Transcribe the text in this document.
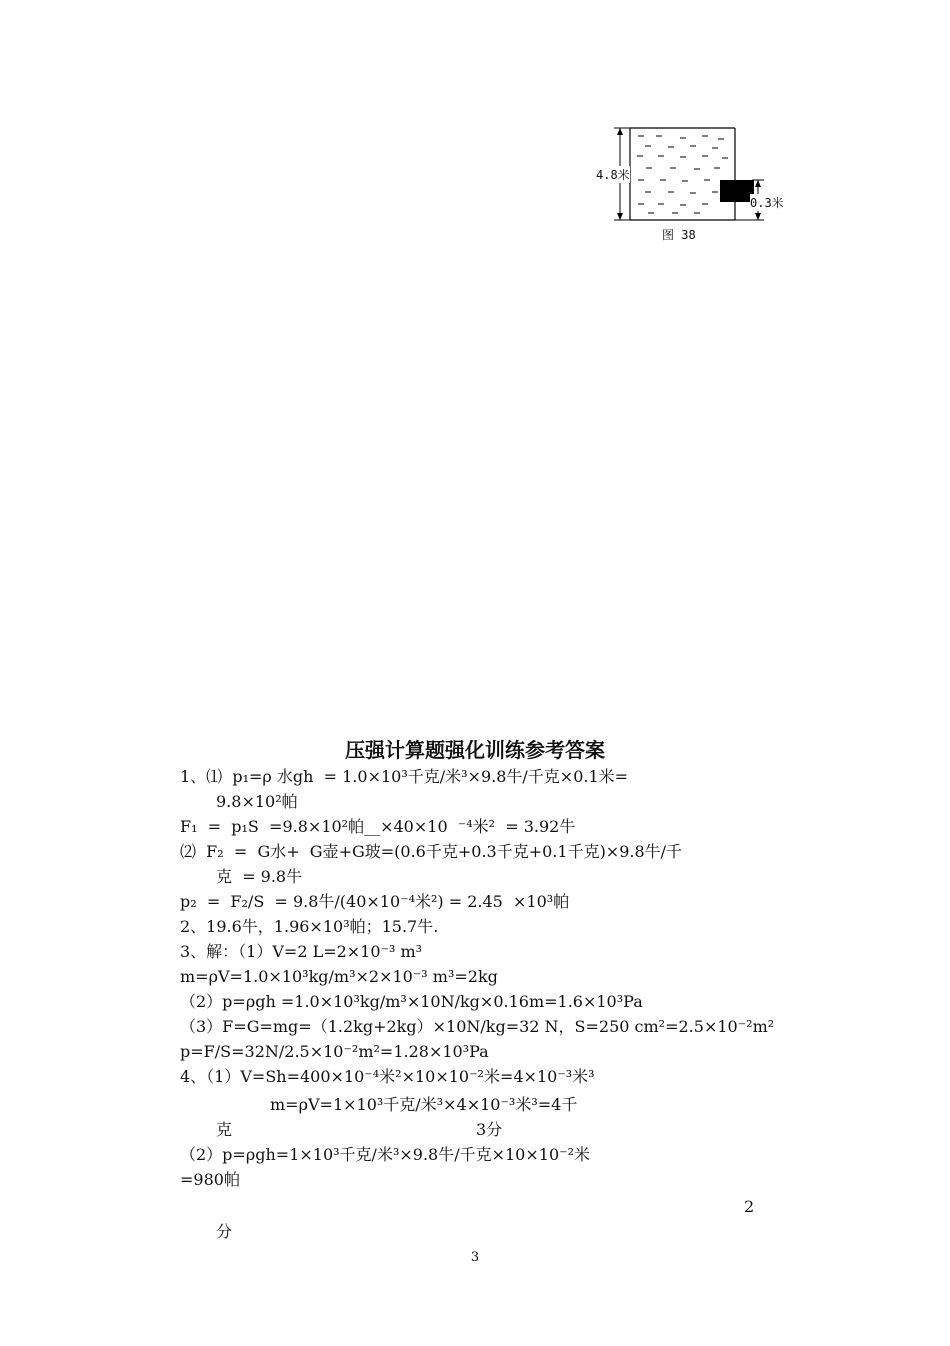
4.8米
0.3米
图 38
压强计算题强化训练参考答案
1、⑴  p₁=ρ 水gh  = 1.0×10³千克/米³×9.8牛/千克×0.1米=
9.8×10²帕
F₁  =  p₁S  =9.8×10²帕__×40×10  ⁻⁴米²  = 3.92牛
⑵  F₂  =  G水+  G壶+G玻=(0.6千克+0.3千克+0.1千克)×9.8牛/千
克  = 9.8牛
p₂  =  F₂/S  = 9.8牛/(40×10⁻⁴米²) = 2.45  ×10³帕
2、19.6牛，1.96×10³帕；15.7牛.
3、解：（1）V=2 L=2×10⁻³ m³
m=ρV=1.0×10³kg/m³×2×10⁻³ m³=2kg
（2）p=ρgh =1.0×10³kg/m³×10N/kg×0.16m=1.6×10³Pa
（3）F=G=mg=（1.2kg+2kg）×10N/kg=32 N，S=250 cm²=2.5×10⁻²m²
p=F/S=32N/2.5×10⁻²m²=1.28×10³Pa
4、（1）V=Sh=400×10⁻⁴米²×10×10⁻²米=4×10⁻³米³
m=ρV=1×10³千克/米³×4×10⁻³米³=4千
克	3分
（2）p=ρgh=1×10³千克/米³×9.8牛/千克×10×10⁻²米
=980帕
2
分
3
